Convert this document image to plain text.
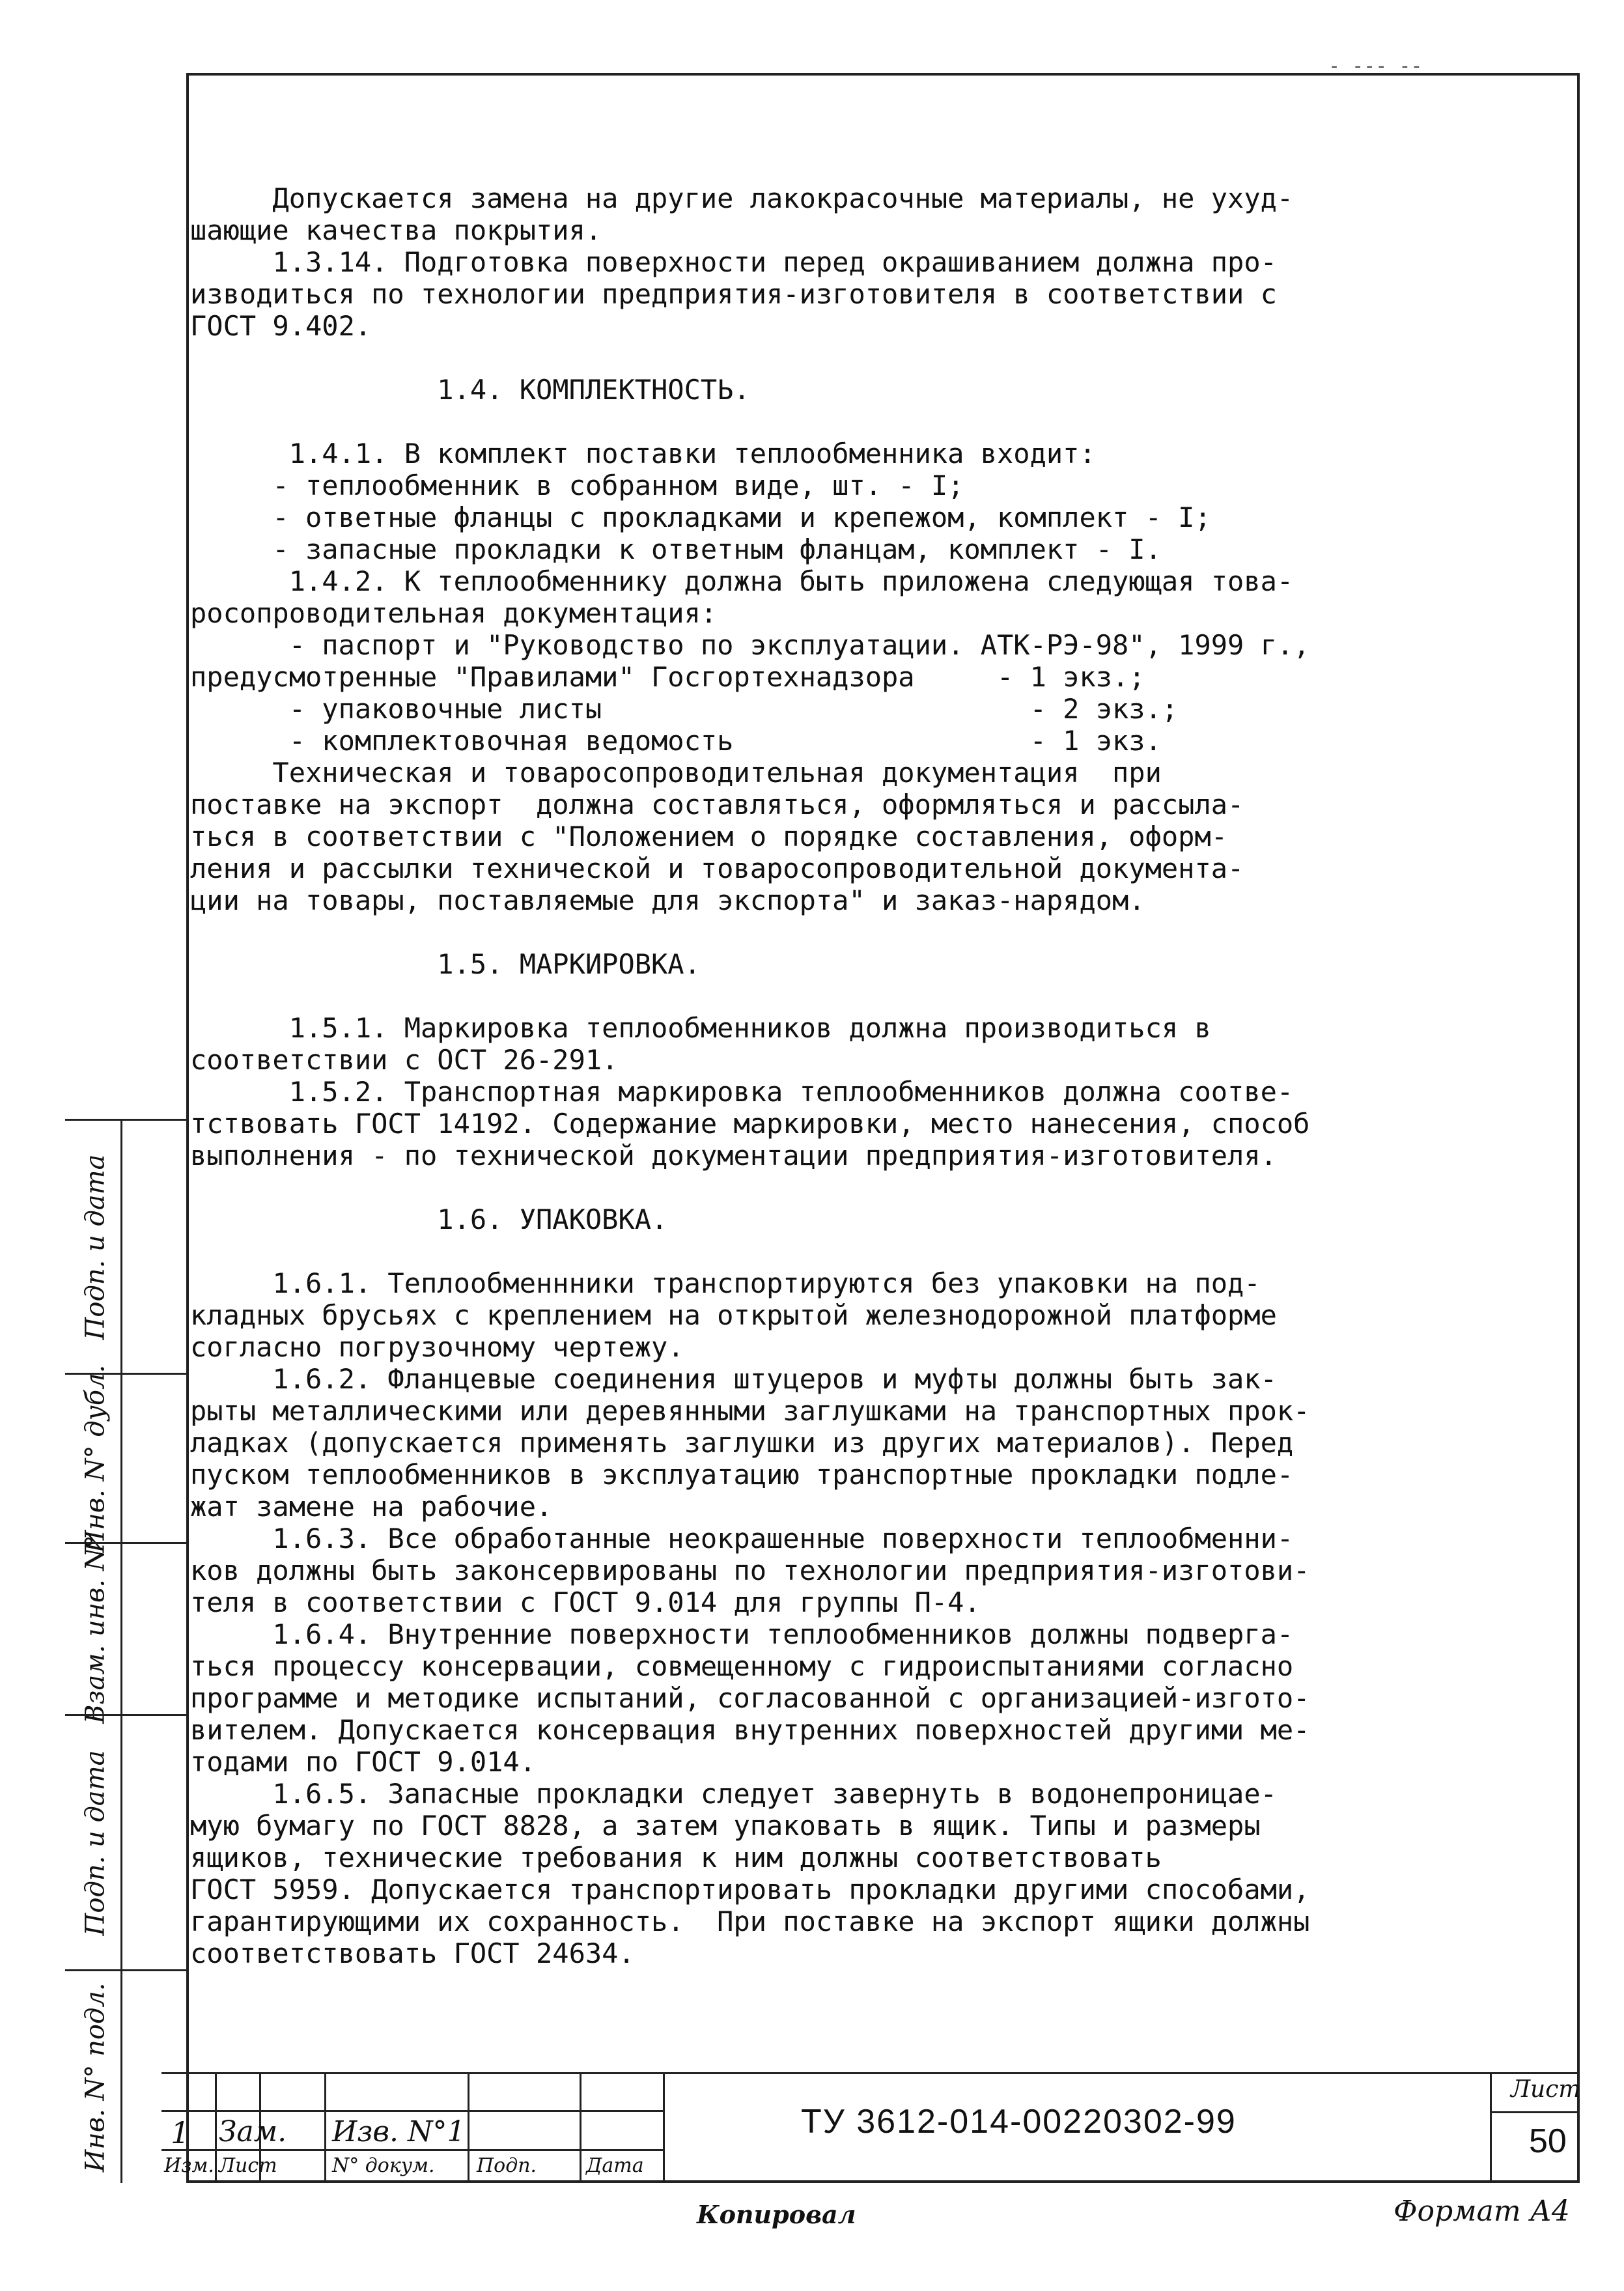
- --- --
Допускается замена на другие лакокрасочные материалы, не ухуд-
шающие качества покрытия.
1.3.14. Подготовка поверхности перед окрашиванием должна про-
изводиться по технологии предприятия-изготовителя в соответствии с
ГОСТ 9.402.
1.4. КОМПЛЕКТНОСТЬ.
1.4.1. В комплект поставки теплообменника входит:
- теплообменник в собранном виде, шт. - I;
- ответные фланцы с прокладками и крепежом, комплект - I;
- запасные прокладки к ответным фланцам, комплект - I.
1.4.2. К теплообменнику должна быть приложена следующая това-
росопроводительная документация:
- паспорт и "Руководство по эксплуатации. АТК-РЭ-98", 1999 г.,
предусмотренные "Правилами" Госгортехнадзора     - 1 экз.;
- упаковочные листы                          - 2 экз.;
- комплектовочная ведомость                  - 1 экз.
Техническая и товаросопроводительная документация  при
поставке на экспорт  должна составляться, оформляться и рассыла-
ться в соответствии с "Положением о порядке составления, оформ-
ления и рассылки технической и товаросопроводительной документа-
ции на товары, поставляемые для экспорта" и заказ-нарядом.
1.5. МАРКИРОВКА.
1.5.1. Маркировка теплообменников должна производиться в
соответствии с ОСТ 26-291.
1.5.2. Транспортная маркировка теплообменников должна соотве-
тствовать ГОСТ 14192. Содержание маркировки, место нанесения, способ
выполнения - по технической документации предприятия-изготовителя.
1.6. УПАКОВКА.
1.6.1. Теплообменнники транспортируются без упаковки на под-
кладных брусьях с креплением на открытой железнодорожной платформе
согласно погрузочному чертежу.
1.6.2. Фланцевые соединения штуцеров и муфты должны быть зак-
рыты металлическими или деревянными заглушками на транспортных прок-
ладках (допускается применять заглушки из других материалов). Перед
пуском теплообменников в эксплуатацию транспортные прокладки подле-
жат замене на рабочие.
1.6.3. Все обработанные неокрашенные поверхности теплообменни-
ков должны быть законсервированы по технологии предприятия-изготови-
теля в соответствии с ГОСТ 9.014 для группы П-4.
1.6.4. Внутренние поверхности теплообменников должны подверга-
ться процессу консервации, совмещенному с гидроиспытаниями согласно
программе и методике испытаний, согласованной с организацией-изгото-
вителем. Допускается консервация внутренних поверхностей другими ме-
тодами по ГОСТ 9.014.
1.6.5. Запасные прокладки следует завернуть в водонепроницае-
мую бумагу по ГОСТ 8828, а затем упаковать в ящик. Типы и размеры
ящиков, технические требования к ним должны соответствовать
ГОСТ 5959. Допускается транспортировать прокладки другими способами,
гарантирующими их сохранность.  При поставке на экспорт ящики должны
соответствовать ГОСТ 24634.
Подп. и дата
Инв. N° дубл.
Взам. инв. N°
Подп. и дата
Инв. N° подл. 1 Зам. Изв. N°1
Изм. Лист	N° докум. Подп.	Дата
ТУ 3612-014-00220302-99
Лист
50
Копировал	Формат А4
